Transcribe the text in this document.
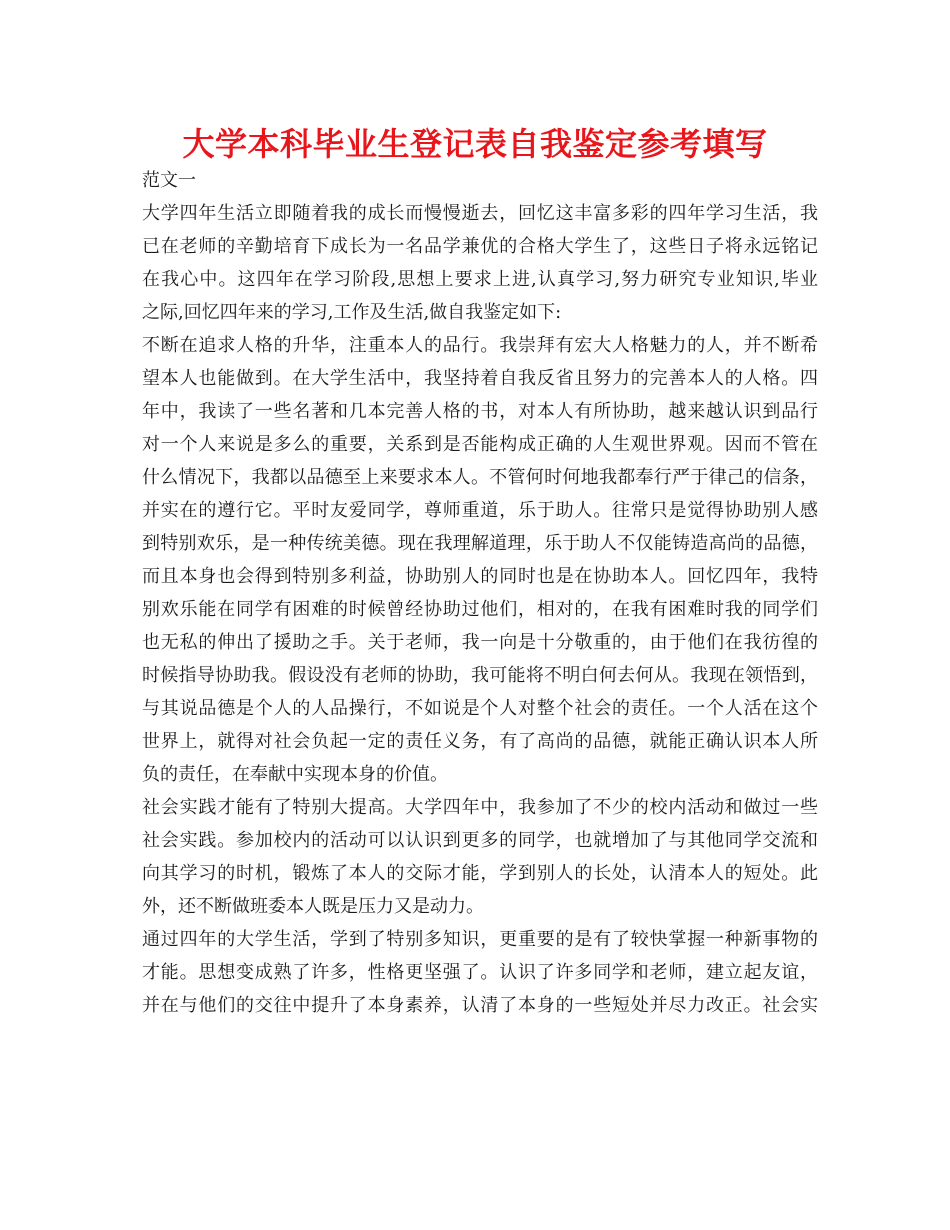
大学本科毕业生登记表自我鉴定参考填写
范文一

大学四年生活立即随着我的成长而慢慢逝去，回忆这丰富多彩的四年学习生活，我
已在老师的辛勤培育下成长为一名品学兼优的合格大学生了，这些日子将永远铭记
在我心中。这四年在学习阶段,思想上要求上进,认真学习,努力研究专业知识,毕业
之际,回忆四年来的学习,工作及生活,做自我鉴定如下:

不断在追求人格的升华，注重本人的品行。我崇拜有宏大人格魅力的人，并不断希
望本人也能做到。在大学生活中，我坚持着自我反省且努力的完善本人的人格。四
年中，我读了一些名著和几本完善人格的书，对本人有所协助，越来越认识到品行
对一个人来说是多么的重要，关系到是否能构成正确的人生观世界观。因而不管在
什么情况下，我都以品德至上来要求本人。不管何时何地我都奉行严于律己的信条，
并实在的遵行它。平时友爱同学，尊师重道，乐于助人。往常只是觉得协助别人感
到特别欢乐，是一种传统美德。现在我理解道理，乐于助人不仅能铸造高尚的品德，
而且本身也会得到特别多利益，协助别人的同时也是在协助本人。回忆四年，我特
别欢乐能在同学有困难的时候曾经协助过他们，相对的，在我有困难时我的同学们
也无私的伸出了援助之手。关于老师，我一向是十分敬重的，由于他们在我彷徨的
时候指导协助我。假设没有老师的协助，我可能将不明白何去何从。我现在领悟到，
与其说品德是个人的人品操行，不如说是个人对整个社会的责任。一个人活在这个
世界上，就得对社会负起一定的责任义务，有了高尚的品德，就能正确认识本人所
负的责任，在奉献中实现本身的价值。

社会实践才能有了特别大提高。大学四年中，我参加了不少的校内活动和做过一些
社会实践。参加校内的活动可以认识到更多的同学，也就增加了与其他同学交流和
向其学习的时机，锻炼了本人的交际才能，学到别人的长处，认清本人的短处。此
外，还不断做班委本人既是压力又是动力。

通过四年的大学生活，学到了特别多知识，更重要的是有了较快掌握一种新事物的
才能。思想变成熟了许多，性格更坚强了。认识了许多同学和老师，建立起友谊，
并在与他们的交往中提升了本身素养，认清了本身的一些短处并尽力改正。社会实
